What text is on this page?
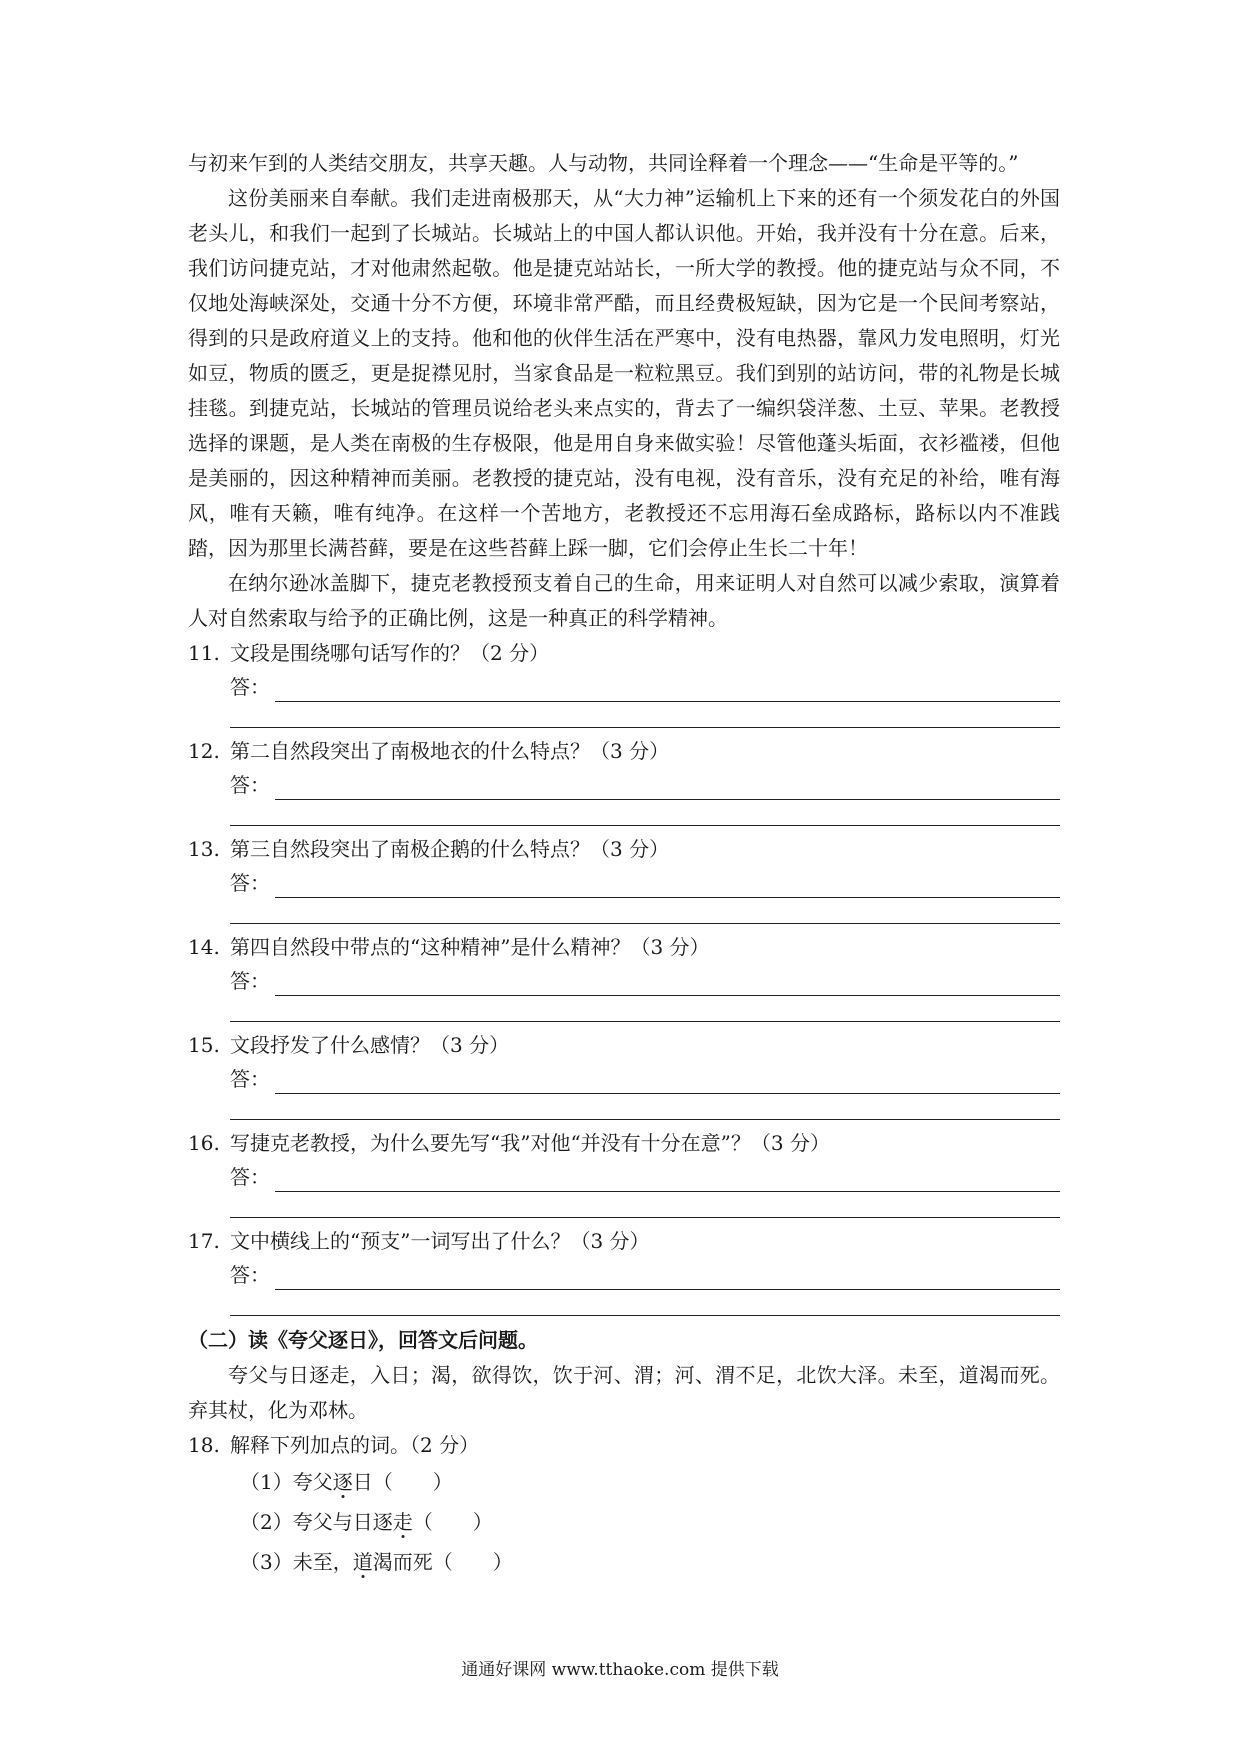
与初来乍到的人类结交朋友，共享天趣。人与动物，共同诠释着一个理念——“生命是平等的。”

这份美丽来自奉献。我们走进南极那天，从“大力神”运输机上下来的还有一个须发花白的外国老头儿，和我们一起到了长城站。长城站上的中国人都认识他。开始，我并没有十分在意。后来，我们访问捷克站，才对他肃然起敬。他是捷克站站长，一所大学的教授。他的捷克站与众不同，不仅地处海峡深处，交通十分不方便，环境非常严酷，而且经费极短缺，因为它是一个民间考察站，得到的只是政府道义上的支持。他和他的伙伴生活在严寒中，没有电热器，靠风力发电照明，灯光如豆，物质的匮乏，更是捉襟见肘，当家食品是一粒粒黑豆。我们到别的站访问，带的礼物是长城挂毯。到捷克站，长城站的管理员说给老头来点实的，背去了一编织袋洋葱、土豆、苹果。老教授选择的课题，是人类在南极的生存极限，他是用自身来做实验！尽管他蓬头垢面，衣衫褴褛，但他是美丽的，因这种精神而美丽。老教授的捷克站，没有电视，没有音乐，没有充足的补给，唯有海风，唯有天籁，唯有纯净。在这样一个苦地方，老教授还不忘用海石垒成路标，路标以内不准践踏，因为那里长满苔藓，要是在这些苔藓上踩一脚，它们会停止生长二十年！

在纳尔逊冰盖脚下，捷克老教授预支着自己的生命，用来证明人对自然可以减少索取，演算着人对自然索取与给予的正确比例，这是一种真正的科学精神。

11. 文段是围绕哪句话写作的？（2 分）
答：
12. 第二自然段突出了南极地衣的什么特点？（3 分）
答：
13. 第三自然段突出了南极企鹅的什么特点？（3 分）
答：
14. 第四自然段中带点的“这种精神”是什么精神？（3 分）
答：
15. 文段抒发了什么感情？（3 分）
答：
16. 写捷克老教授，为什么要先写“我”对他“并没有十分在意”？（3 分）
答：
17. 文中横线上的“预支”一词写出了什么？（3 分）
答：

（二）读《夸父逐日》，回答文后问题。

夸父与日逐走，入日；渴，欲得饮，饮于河、渭；河、渭不足，北饮大泽。未至，道渴而死。弃其杖，化为邓林。

18. 解释下列加点的词。（2 分）
（1）夸父逐日（　　）
（2）夸父与日逐走（　　）
（3）未至，道渴而死（　　）
通通好课网 www.tthaoke.com 提供下载
